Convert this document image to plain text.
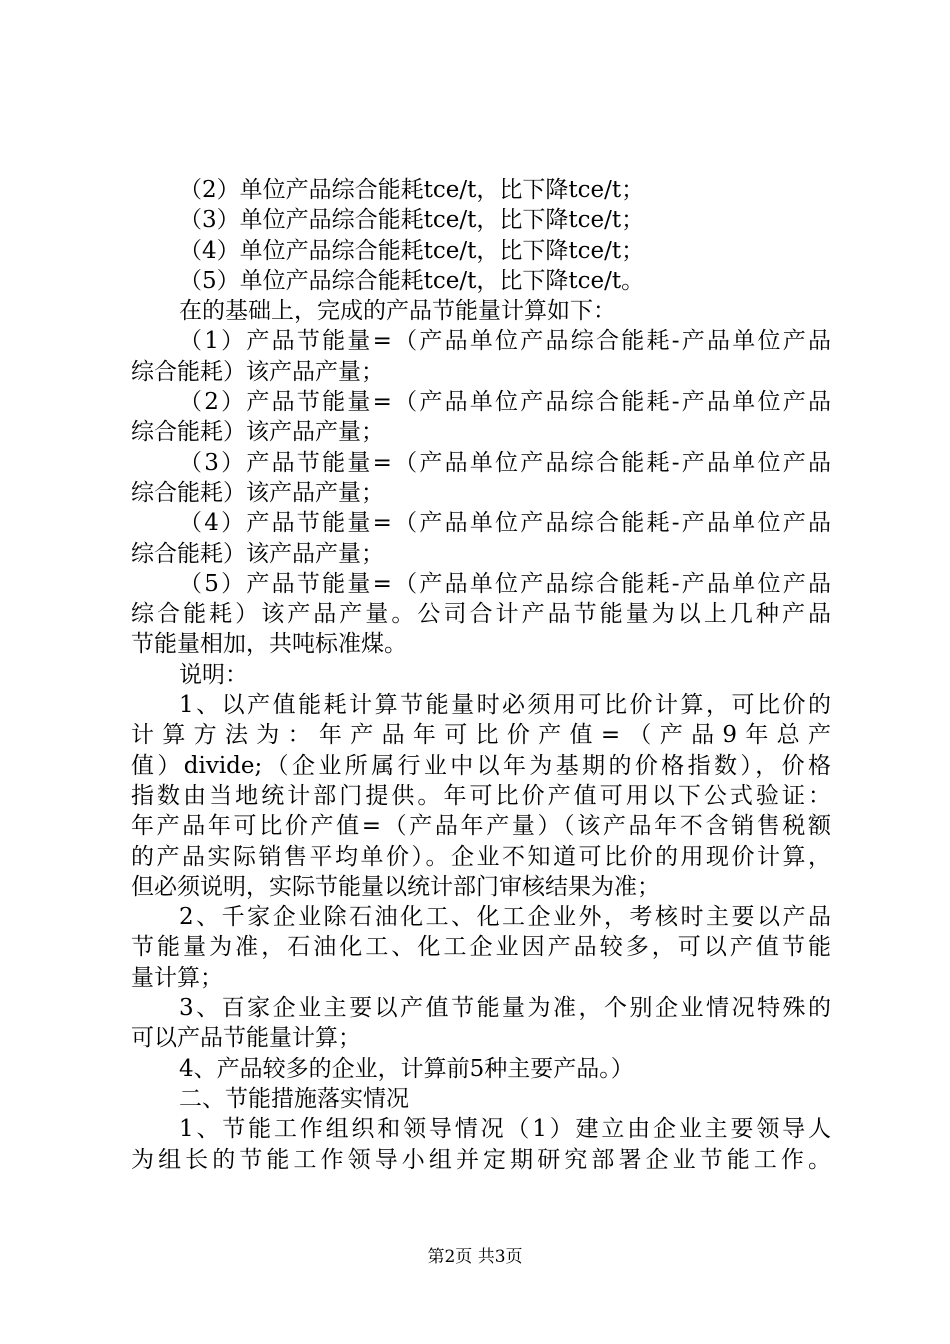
（2）单位产品综合能耗tce/t，比下降tce/t；
（3）单位产品综合能耗tce/t，比下降tce/t；
（4）单位产品综合能耗tce/t，比下降tce/t；
（5）单位产品综合能耗tce/t，比下降tce/t。
在的基础上，完成的产品节能量计算如下：
（1）产品节能量=（产品单位产品综合能耗-产品单位产品
综合能耗）该产品产量；
（2）产品节能量=（产品单位产品综合能耗-产品单位产品
综合能耗）该产品产量；
（3）产品节能量=（产品单位产品综合能耗-产品单位产品
综合能耗）该产品产量；
（4）产品节能量=（产品单位产品综合能耗-产品单位产品
综合能耗）该产品产量；
（5）产品节能量=（产品单位产品综合能耗-产品单位产品
综合能耗）该产品产量。公司合计产品节能量为以上几种产品
节能量相加，共吨标准煤。
说明：
1、以产值能耗计算节能量时必须用可比价计算，可比价的
计算方法为：年产品年可比价产值=（产品9年总产
值）divide;（企业所属行业中以年为基期的价格指数），价格
指数由当地统计部门提供。年可比价产值可用以下公式验证：
年产品年可比价产值=（产品年产量）（该产品年不含销售税额
的产品实际销售平均单价）。企业不知道可比价的用现价计算，
但必须说明，实际节能量以统计部门审核结果为准；
2、千家企业除石油化工、化工企业外，考核时主要以产品
节能量为准，石油化工、化工企业因产品较多，可以产值节能
量计算；
3、百家企业主要以产值节能量为准，个别企业情况特殊的
可以产品节能量计算；
4、产品较多的企业，计算前5种主要产品。）
二、节能措施落实情况
1、节能工作组织和领导情况（1）建立由企业主要领导人
为组长的节能工作领导小组并定期研究部署企业节能工作。
第2页 共3页
